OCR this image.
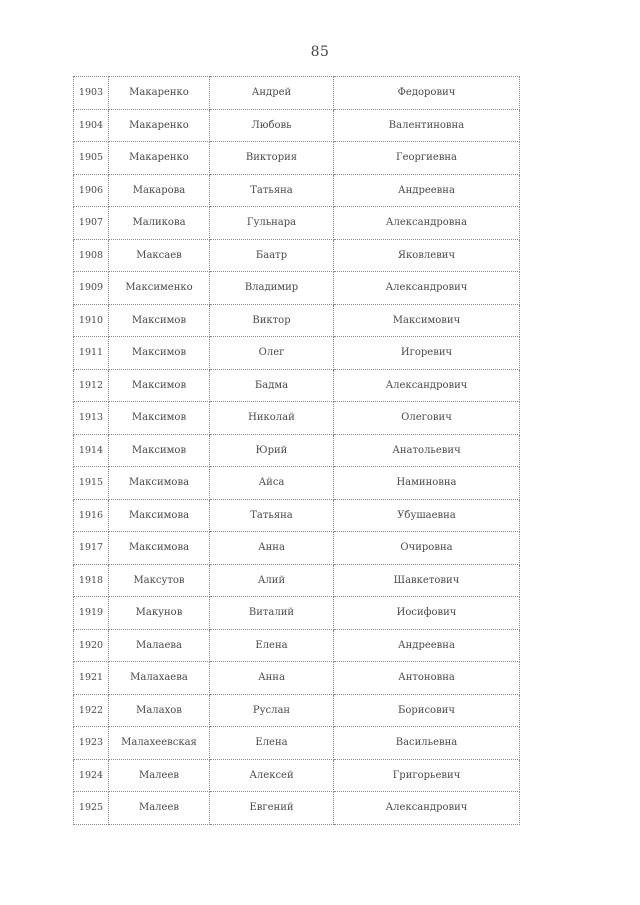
85
1903	Макаренко	Андрей	Федорович
1904	Макаренко	Любовь	Валентиновна
1905	Макаренко	Виктория	Георгиевна
1906	Макарова	Татьяна	Андреевна
1907	Маликова	Гульнара	Александровна
1908	Максаев	Баатр	Яковлевич
1909	Максименко	Владимир	Александрович
1910	Максимов	Виктор	Максимович
1911	Максимов	Олег	Игоревич
1912	Максимов	Бадма	Александрович
1913	Максимов	Николай	Олегович
1914	Максимов	Юрий	Анатольевич
1915	Максимова	Айса	Наминовна
1916	Максимова	Татьяна	Убушаевна
1917	Максимова	Анна	Очировна
1918	Максутов	Алий	Шавкетович
1919	Макунов	Виталий	Иосифович
1920	Малаева	Елена	Андреевна
1921	Малахаева	Анна	Антоновна
1922	Малахов	Руслан	Борисович
1923	Малахеевская	Елена	Васильевна
1924	Малеев	Алексей	Григорьевич
1925	Малеев	Евгений	Александрович
